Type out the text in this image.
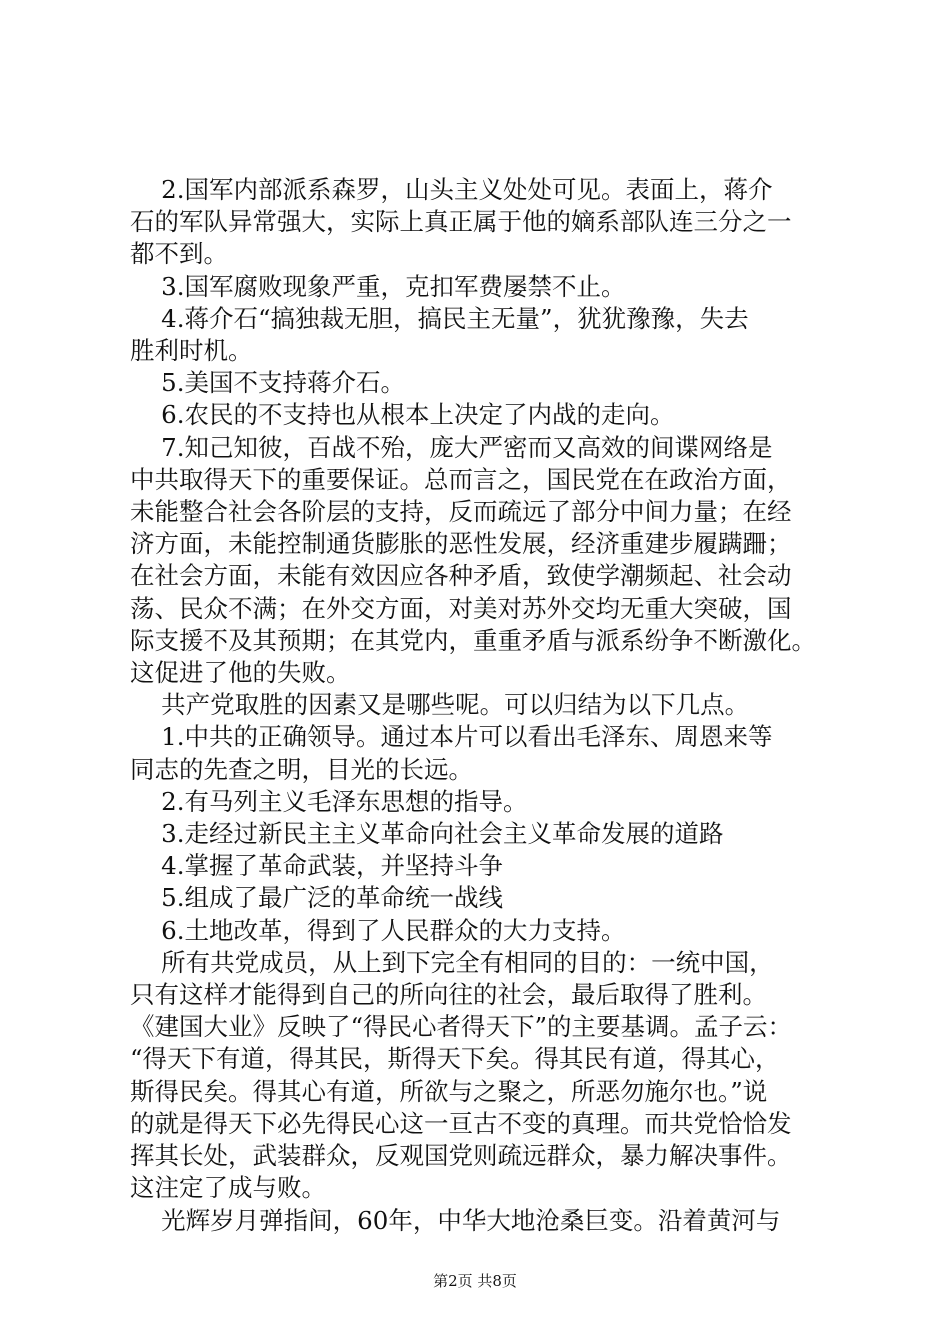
2.国军内部派系森罗，山头主义处处可见。表面上，蒋介
石的军队异常强大，实际上真正属于他的嫡系部队连三分之一
都不到。
3.国军腐败现象严重，克扣军费屡禁不止。
4.蒋介石“搞独裁无胆，搞民主无量”，犹犹豫豫，失去
胜利时机。
5.美国不支持蒋介石。
6.农民的不支持也从根本上决定了内战的走向。
7.知己知彼，百战不殆，庞大严密而又高效的间谍网络是
中共取得天下的重要保证。总而言之，国民党在在政治方面，
未能整合社会各阶层的支持，反而疏远了部分中间力量；在经
济方面，未能控制通货膨胀的恶性发展，经济重建步履蹒跚；
在社会方面，未能有效因应各种矛盾，致使学潮频起、社会动
荡、民众不满；在外交方面，对美对苏外交均无重大突破，国
际支援不及其预期；在其党内，重重矛盾与派系纷争不断激化。
这促进了他的失败。
共产党取胜的因素又是哪些呢。可以归结为以下几点。
1.中共的正确领导。通过本片可以看出毛泽东、周恩来等
同志的先查之明，目光的长远。
2.有马列主义毛泽东思想的指导。
3.走经过新民主主义革命向社会主义革命发展的道路
4.掌握了革命武装，并坚持斗争
5.组成了最广泛的革命统一战线
6.土地改革，得到了人民群众的大力支持。
所有共党成员，从上到下完全有相同的目的：一统中国，
只有这样才能得到自己的所向往的社会，最后取得了胜利。
《建国大业》反映了“得民心者得天下”的主要基调。孟子云：
“得天下有道，得其民，斯得天下矣。得其民有道，得其心，
斯得民矣。得其心有道，所欲与之聚之，所恶勿施尔也。”说
的就是得天下必先得民心这一亘古不变的真理。而共党恰恰发
挥其长处，武装群众，反观国党则疏远群众，暴力解决事件。
这注定了成与败。
光辉岁月弹指间，60年，中华大地沧桑巨变。沿着黄河与
第2页 共8页
